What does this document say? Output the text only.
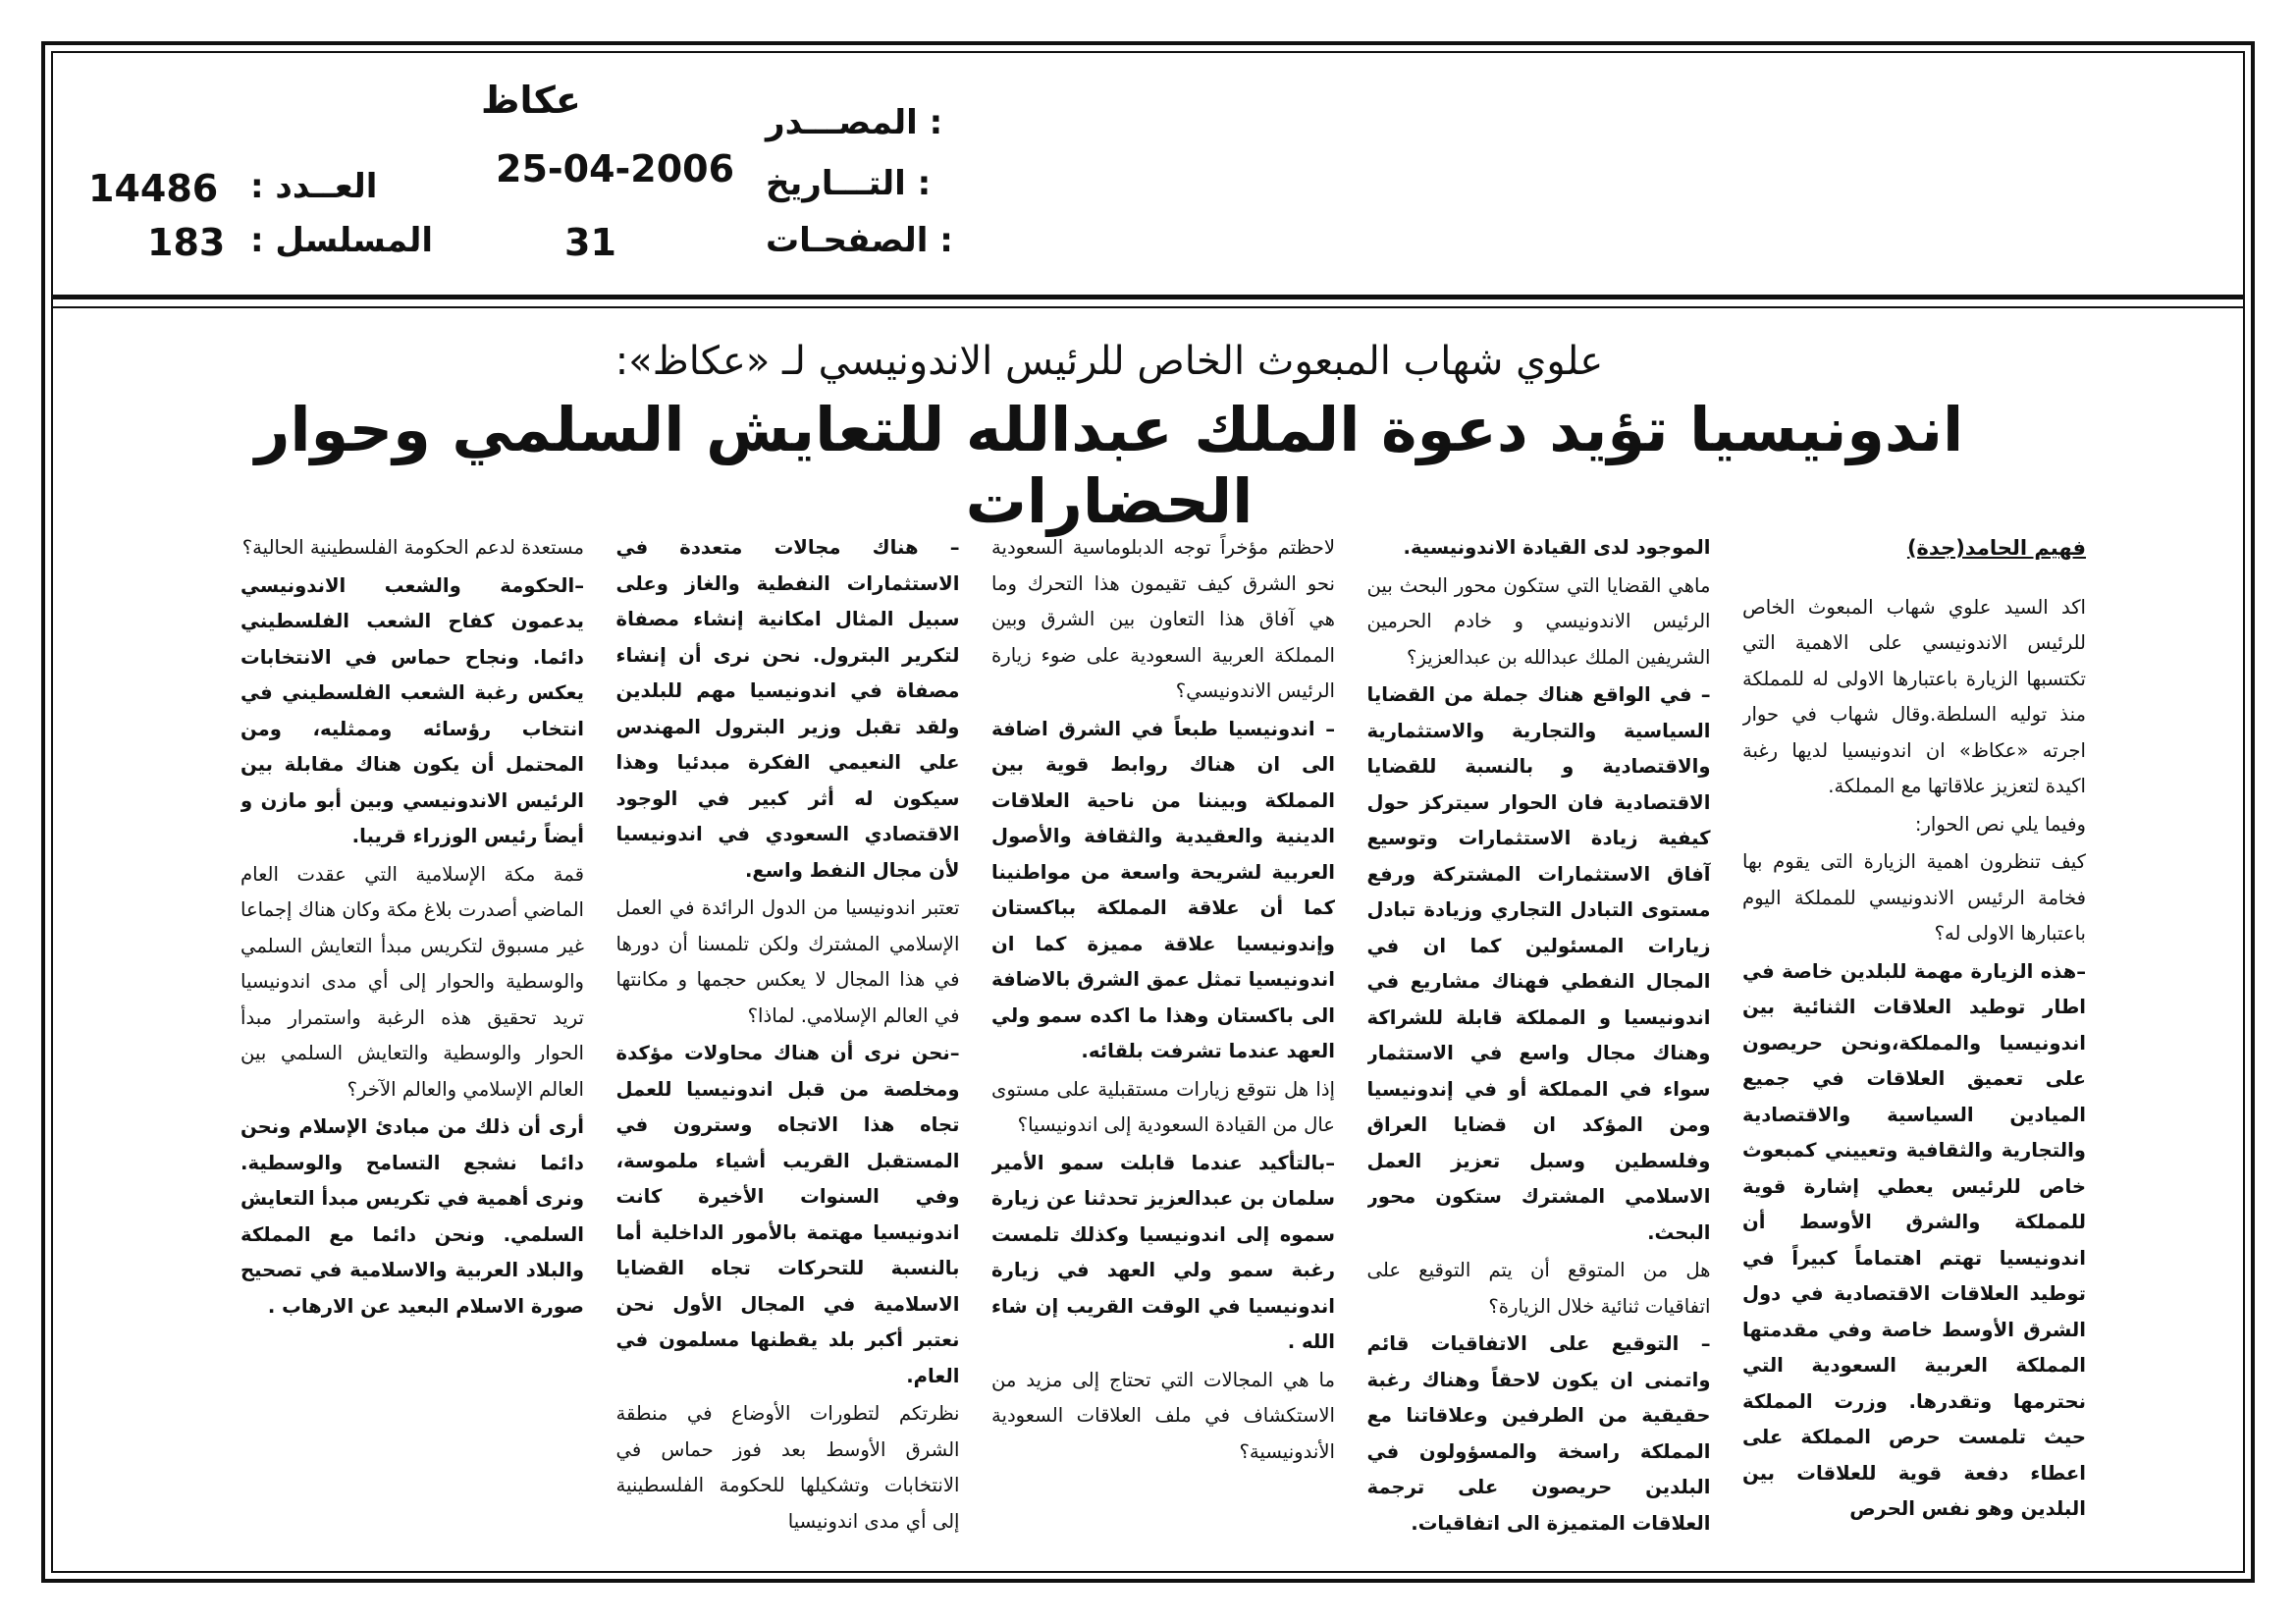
المصـــدر :
عكاظ
التـــاريخ :
25-04-2006
الصفحـات :
31
العــدد :
14486
المسلسل :
183

علوي شهاب المبعوث الخاص للرئيس الاندونيسي لـ «عكاظ»:

اندونيسيا تؤيد دعوة الملك عبدالله للتعايش السلمي وحوار الحضارات

فهيم الحامد(جدة)

اكد السيد علوي شهاب المبعوث الخاص للرئيس الاندونيسي على الاهمية التي تكتسبها الزيارة باعتبارها الاولى له للمملكة منذ توليه السلطة.وقال شهاب في حوار اجرته «عكاظ» ان اندونيسيا لديها رغبة اكيدة لتعزيز علاقاتها مع المملكة.

وفيما يلي نص الحوار:

كيف تنظرون اهمية الزيارة التى يقوم بها فخامة الرئيس الاندونيسي للمملكة اليوم باعتبارها الاولى له؟

–هذه الزيارة مهمة للبلدين خاصة في اطار توطيد العلاقات الثنائية بين اندونيسيا والمملكة،ونحن حريصون على تعميق العلاقات في جميع الميادين السياسية والاقتصادية والتجارية والثقافية وتعييني كمبعوث خاص للرئيس يعطي إشارة قوية للمملكة والشرق الأوسط أن اندونيسيا تهتم اهتماماً كبيراً في توطيد العلاقات الاقتصادية في دول الشرق الأوسط خاصة وفي مقدمتها المملكة العربية السعودية التي نحترمها وتقدرها. وزرت المملكة حيث تلمست حرص المملكة على اعطاء دفعة قوية للعلاقات بين البلدين وهو نفس الحرص

الموجود لدى القيادة الاندونيسية.

ماهي القضايا التي ستكون محور البحث بين الرئيس الاندونيسي و خادم الحرمين الشريفين الملك عبدالله بن عبدالعزيز؟

– في الواقع هناك جملة من القضايا السياسية والتجارية والاستثمارية والاقتصادية و بالنسبة للقضايا الاقتصادية فان الحوار سيتركز حول كيفية زيادة الاستثمارات وتوسيع آفاق الاستثمارات المشتركة ورفع مستوى التبادل التجاري وزيادة تبادل زيارات المسئولين كما ان في المجال النفطي فهناك مشاريع في اندونيسيا و المملكة قابلة للشراكة وهناك مجال واسع في الاستثمار سواء في المملكة أو في إندونيسيا ومن المؤكد ان قضايا العراق وفلسطين وسبل تعزيز العمل الاسلامي المشترك ستكون محور البحث.

هل من المتوقع أن يتم التوقيع على اتفاقيات ثنائية خلال الزيارة؟

– التوقيع على الاتفاقيات قائم واتمنى ان يكون لاحقاً وهناك رغبة حقيقية من الطرفين وعلاقاتنا مع المملكة راسخة والمسؤولون في البلدين حريصون على ترجمة العلاقات المتميزة الى اتفاقيات.

لاحظتم مؤخراً توجه الدبلوماسية السعودية نحو الشرق كيف تقيمون هذا التحرك وما هي آفاق هذا التعاون بين الشرق وبين المملكة العربية السعودية على ضوء زيارة الرئيس الاندونيسي؟

– اندونيسيا طبعاً في الشرق اضافة الى ان هناك روابط قوية بين المملكة وبيننا من ناحية العلاقات الدينية والعقيدية والثقافة والأصول العربية لشريحة واسعة من مواطنينا كما أن علاقة المملكة بباكستان وإندونيسيا علاقة مميزة كما ان اندونيسيا تمثل عمق الشرق بالاضافة الى باكستان وهذا ما اكده سمو ولي العهد عندما تشرفت بلقائه.

إذا هل نتوقع زيارات مستقبلية على مستوى عال من القيادة السعودية إلى اندونيسيا؟

–بالتأكيد عندما قابلت سمو الأمير سلمان بن عبدالعزيز تحدثنا عن زيارة سموه إلى اندونيسيا وكذلك تلمست رغبة سمو ولي العهد في زيارة اندونيسيا في الوقت القريب إن شاء الله .

ما هي المجالات التي تحتاج إلى مزيد من الاستكشاف في ملف العلاقات السعودية الأندونيسية؟

– هناك مجالات متعددة في الاستثمارات النفطية والغاز وعلى سبيل المثال امكانية إنشاء مصفاة لتكرير البترول. نحن نرى أن إنشاء مصفاة في اندونيسيا مهم للبلدين ولقد تقبل وزير البترول المهندس علي النعيمي الفكرة مبدئيا وهذا سيكون له أثر كبير في الوجود الاقتصادي السعودي في اندونيسيا لأن مجال النفط واسع.

تعتبر اندونيسيا من الدول الرائدة في العمل الإسلامي المشترك ولكن تلمسنا أن دورها في هذا المجال لا يعكس حجمها و مكانتها في العالم الإسلامي. لماذا؟

–نحن نرى أن هناك محاولات مؤكدة ومخلصة من قبل اندونيسيا للعمل تجاه هذا الاتجاه وسترون في المستقبل القريب أشياء ملموسة، وفي السنوات الأخيرة كانت اندونيسيا مهتمة بالأمور الداخلية أما بالنسبة للتحركات تجاه القضايا الاسلامية في المجال الأول نحن نعتبر أكبر بلد يقطنها مسلمون في العام.

نظرتكم لتطورات الأوضاع في منطقة الشرق الأوسط بعد فوز حماس في الانتخابات وتشكيلها للحكومة الفلسطينية إلى أي مدى اندونيسيا

مستعدة لدعم الحكومة الفلسطينية الحالية؟

–الحكومة والشعب الاندونيسي يدعمون كفاح الشعب الفلسطيني دائما. ونجاح حماس في الانتخابات يعكس رغبة الشعب الفلسطيني في انتخاب رؤسائه وممثليه، ومن المحتمل أن يكون هناك مقابلة بين الرئيس الاندونيسي وبين أبو مازن و أيضاً رئيس الوزراء قريبا.

قمة مكة الإسلامية التي عقدت العام الماضي أصدرت بلاغ مكة وكان هناك إجماعا غير مسبوق لتكريس مبدأ التعايش السلمي والوسطية والحوار إلى أي مدى اندونيسيا تريد تحقيق هذه الرغبة واستمرار مبدأ الحوار والوسطية والتعايش السلمي بين العالم الإسلامي والعالم الآخر؟

أرى أن ذلك من مبادئ الإسلام ونحن دائما نشجع التسامح والوسطية. ونرى أهمية في تكريس مبدأ التعايش السلمي. ونحن دائما مع المملكة والبلاد العربية والاسلامية في تصحيح صورة الاسلام البعيد عن الارهاب .
